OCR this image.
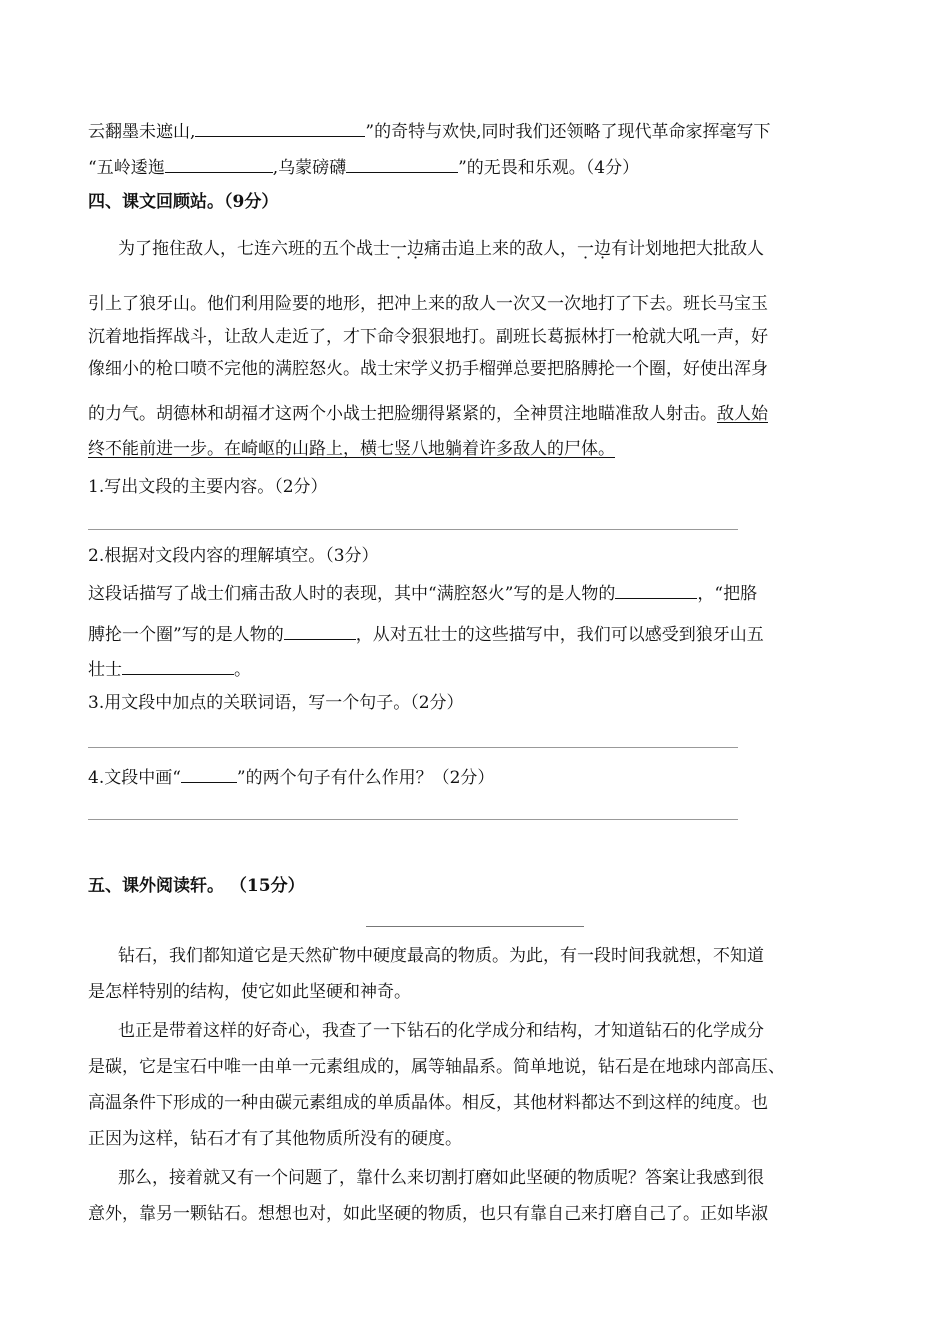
云翻墨未遮山,	”的奇特与欢快,同时我们还领略了现代革命家挥毫写下
“五岭逶迤	,乌蒙磅礴	”的无畏和乐观。（4分）
四、课文回顾站。（9分）
为了拖住敌人，七连六班的五个战士一边痛击追上来的敌人，一边有计划地把大批敌人
引上了狼牙山。他们利用险要的地形，把冲上来的敌人一次又一次地打了下去。班长马宝玉
沉着地指挥战斗，让敌人走近了，才下命令狠狠地打。副班长葛振林打一枪就大吼一声，好
像细小的枪口喷不完他的满腔怒火。战士宋学义扔手榴弹总要把胳膊抡一个圈，好使出浑身
的力气。胡德林和胡福才这两个小战士把脸绷得紧紧的，全神贯注地瞄准敌人射击。敌人始
终不能前进一步。在崎岖的山路上，横七竖八地躺着许多敌人的尸体。
1.写出文段的主要内容。（2分）
2.根据对文段内容的理解填空。（3分）
这段话描写了战士们痛击敌人时的表现，其中“满腔怒火”写的是人物的	，“把胳
膊抡一个圈”写的是人物的	，从对五壮士的这些描写中，我们可以感受到狼牙山五
壮士	。
3.用文段中加点的关联词语，写一个句子。（2分）
4.文段中画“	”的两个句子有什么作用？（2分）
五、课外阅读轩。 （15分）
钻石，我们都知道它是天然矿物中硬度最高的物质。为此，有一段时间我就想，不知道
是怎样特别的结构，使它如此坚硬和神奇。
也正是带着这样的好奇心，我查了一下钻石的化学成分和结构，才知道钻石的化学成分
是碳，它是宝石中唯一由单一元素组成的，属等轴晶系。简单地说，钻石是在地球内部高压、
高温条件下形成的一种由碳元素组成的单质晶体。相反，其他材料都达不到这样的纯度。也
正因为这样，钻石才有了其他物质所没有的硬度。
那么，接着就又有一个问题了，靠什么来切割打磨如此坚硬的物质呢？答案让我感到很
意外，靠另一颗钻石。想想也对，如此坚硬的物质，也只有靠自己来打磨自己了。正如毕淑
